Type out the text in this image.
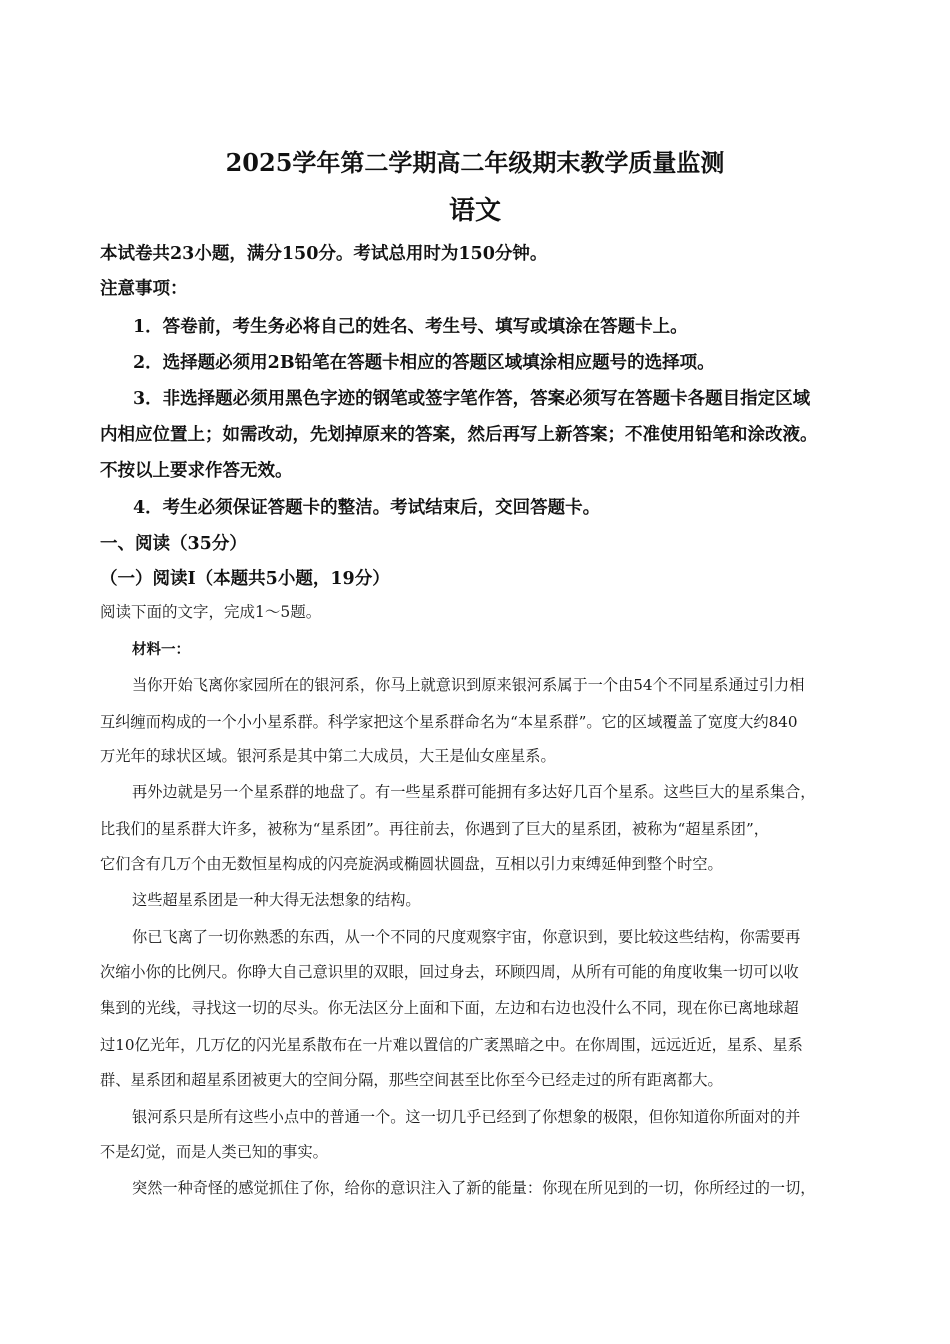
2025学年第二学期高二年级期末教学质量监测
语文
本试卷共23小题，满分150分。考试总用时为150分钟。
注意事项：
1．答卷前，考生务必将自己的姓名、考生号、填写或填涂在答题卡上。
2．选择题必须用2B铅笔在答题卡相应的答题区域填涂相应题号的选择项。
3．非选择题必须用黑色字迹的钢笔或签字笔作答，答案必须写在答题卡各题目指定区域
内相应位置上；如需改动，先划掉原来的答案，然后再写上新答案；不准使用铅笔和涂改液。
不按以上要求作答无效。
4．考生必须保证答题卡的整洁。考试结束后，交回答题卡。
一、阅读（35分）
（一）阅读I（本题共5小题，19分）
阅读下面的文字，完成1～5题。
材料一：
当你开始飞离你家园所在的银河系，你马上就意识到原来银河系属于一个由54个不同星系通过引力相
互纠缠而构成的一个小小星系群。科学家把这个星系群命名为“本星系群”。它的区域覆盖了宽度大约840
万光年的球状区域。银河系是其中第二大成员，大王是仙女座星系。
再外边就是另一个星系群的地盘了。有一些星系群可能拥有多达好几百个星系。这些巨大的星系集合，
比我们的星系群大许多，被称为“星系团”。再往前去，你遇到了巨大的星系团，被称为“超星系团”，
它们含有几万个由无数恒星构成的闪亮旋涡或椭圆状圆盘，互相以引力束缚延伸到整个时空。
这些超星系团是一种大得无法想象的结构。
你已飞离了一切你熟悉的东西，从一个不同的尺度观察宇宙，你意识到，要比较这些结构，你需要再
次缩小你的比例尺。你睁大自己意识里的双眼，回过身去，环顾四周，从所有可能的角度收集一切可以收
集到的光线，寻找这一切的尽头。你无法区分上面和下面，左边和右边也没什么不同，现在你已离地球超
过10亿光年，几万亿的闪光星系散布在一片难以置信的广袤黑暗之中。在你周围，远远近近，星系、星系
群、星系团和超星系团被更大的空间分隔，那些空间甚至比你至今已经走过的所有距离都大。
银河系只是所有这些小点中的普通一个。这一切几乎已经到了你想象的极限，但你知道你所面对的并
不是幻觉，而是人类已知的事实。
突然一种奇怪的感觉抓住了你，给你的意识注入了新的能量：你现在所见到的一切，你所经过的一切，
